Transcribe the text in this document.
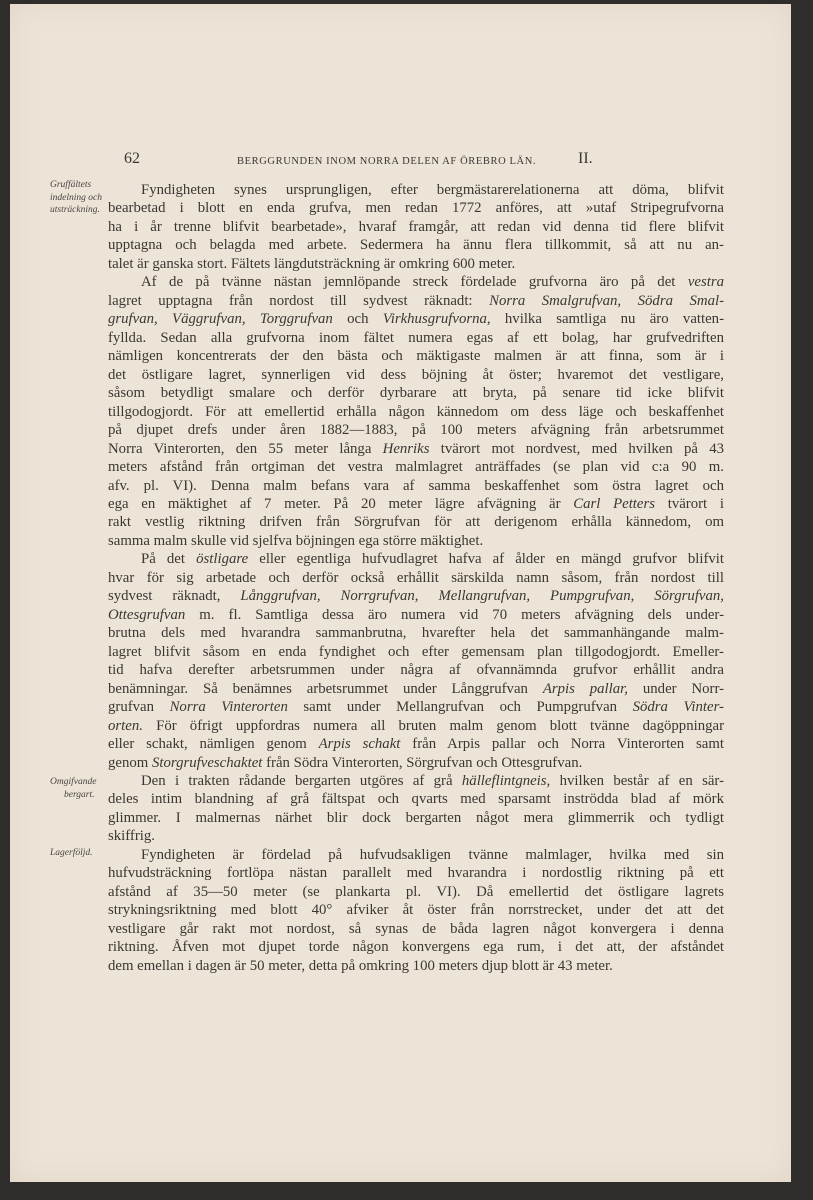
62	BERGGRUNDEN INOM NORRA DELEN AF ÖREBRO LÄN.	II.
Gruffältets
indelning och
utsträckning.
Omgifvande
bergart.
Lagerföljd.
Fyndigheten synes ursprungligen, efter bergmästarerelationerna att döma, blifvit
bearbetad i blott en enda grufva, men redan 1772 anföres, att »utaf Stripegrufvorna
ha i år trenne blifvit bearbetade», hvaraf framgår, att redan vid denna tid flere blifvit
upptagna och belagda med arbete. Sedermera ha ännu flera tillkommit, så att nu an-
talet är ganska stort. Fältets längdutsträckning är omkring 600 meter.
Af de på tvänne nästan jemnlöpande streck fördelade grufvorna äro på det vestra
lagret upptagna från nordost till sydvest räknadt: Norra Smalgrufvan, Södra Smal-
grufvan, Väggrufvan, Torggrufvan och Virkhusgrufvorna, hvilka samtliga nu äro vatten-
fyllda. Sedan alla grufvorna inom fältet numera egas af ett bolag, har grufvedriften
nämligen koncentrerats der den bästa och mäktigaste malmen är att finna, som är i
det östligare lagret, synnerligen vid dess böjning åt öster; hvaremot det vestligare,
såsom betydligt smalare och derför dyrbarare att bryta, på senare tid icke blifvit
tillgodogjordt. För att emellertid erhålla någon kännedom om dess läge och beskaffenhet
på djupet drefs under åren 1882—1883, på 100 meters afvägning från arbetsrummet
Norra Vinterorten, den 55 meter långa Henriks tvärort mot nordvest, med hvilken på 43
meters afstånd från ortgiman det vestra malmlagret anträffades (se plan vid c:a 90 m.
afv. pl. VI). Denna malm befans vara af samma beskaffenhet som östra lagret och
ega en mäktighet af 7 meter. På 20 meter lägre afvägning är Carl Petters tvärort i
rakt vestlig riktning drifven från Sörgrufvan för att derigenom erhålla kännedom, om
samma malm skulle vid sjelfva böjningen ega större mäktighet.
På det östligare eller egentliga hufvudlagret hafva af ålder en mängd grufvor blifvit
hvar för sig arbetade och derför också erhållit särskilda namn såsom, från nordost till
sydvest räknadt, Långgrufvan, Norrgrufvan, Mellangrufvan, Pumpgrufvan, Sörgrufvan,
Ottesgrufvan m. fl. Samtliga dessa äro numera vid 70 meters afvägning dels under-
brutna dels med hvarandra sammanbrutna, hvarefter hela det sammanhängande malm-
lagret blifvit såsom en enda fyndighet och efter gemensam plan tillgodogjordt. Emeller-
tid hafva derefter arbetsrummen under några af ofvannämnda grufvor erhållit andra
benämningar. Så benämnes arbetsrummet under Långgrufvan Arpis pallar, under Norr-
grufvan Norra Vinterorten samt under Mellangrufvan och Pumpgrufvan Södra Vinter-
orten. För öfrigt uppfordras numera all bruten malm genom blott tvänne dagöppningar
eller schakt, nämligen genom Arpis schakt från Arpis pallar och Norra Vinterorten samt
genom Storgrufveschaktet från Södra Vinterorten, Sörgrufvan och Ottesgrufvan.
Den i trakten rådande bergarten utgöres af grå hälleflintgneis, hvilken består af en sär-
deles intim blandning af grå fältspat och qvarts med sparsamt inströdda blad af mörk
glimmer. I malmernas närhet blir dock bergarten något mera glimmerrik och tydligt
skiffrig.
Fyndigheten är fördelad på hufvudsakligen tvänne malmlager, hvilka med sin
hufvudsträckning fortlöpa nästan parallelt med hvarandra i nordostlig riktning på ett
afstånd af 35—50 meter (se plankarta pl. VI). Då emellertid det östligare lagrets
strykningsriktning med blott 40° afviker åt öster från norrstrecket, under det att det
vestligare går rakt mot nordost, så synas de båda lagren något konvergera i denna
riktning. Åfven mot djupet torde någon konvergens ega rum, i det att, der afståndet
dem emellan i dagen är 50 meter, detta på omkring 100 meters djup blott är 43 meter.
